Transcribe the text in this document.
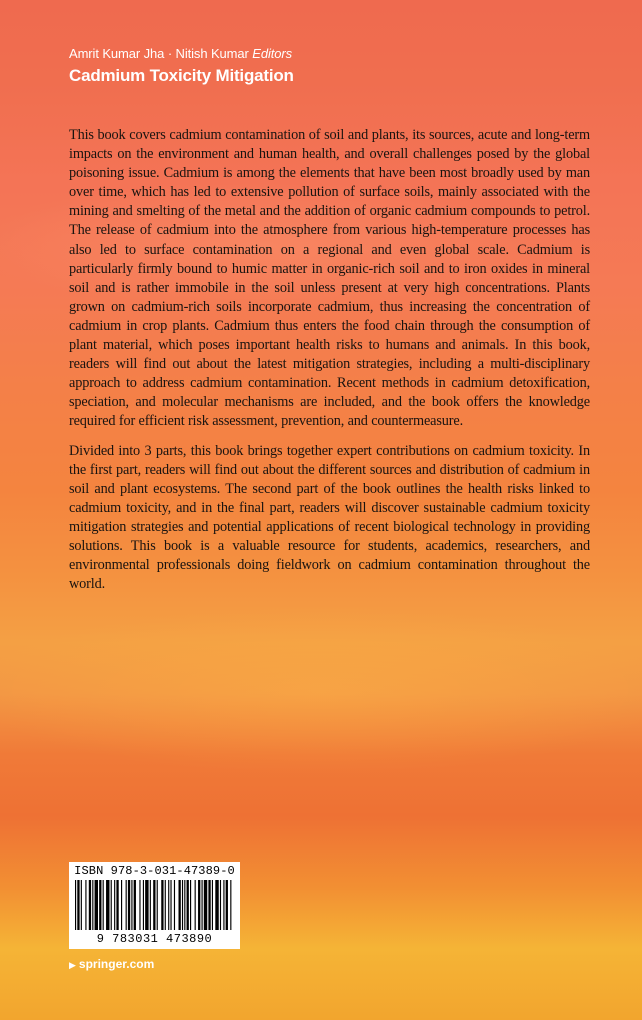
Amrit Kumar Jha · Nitish Kumar Editors
Cadmium Toxicity Mitigation

This book covers cadmium contamination of soil and plants, its sources, acute and long-term impacts on the environment and human health, and overall challenges posed by the global poisoning issue. Cadmium is among the elements that have been most broadly used by man over time, which has led to extensive pollution of surface soils, mainly associated with the mining and smelting of the metal and the addition of organic cadmium compounds to petrol. The release of cadmium into the atmosphere from various high-temperature processes has also led to surface contamination on a regional and even global scale. Cadmium is particularly firmly bound to humic matter in organic-rich soil and to iron oxides in mineral soil and is rather immobile in the soil unless present at very high concentrations. Plants grown on cadmium-rich soils incorporate cadmium, thus increasing the concentration of cadmium in crop plants. Cadmium thus enters the food chain through the consumption of plant material, which poses important health risks to humans and animals. In this book, readers will find out about the latest mitigation strategies, including a multi-disciplinary approach to address cadmium contamination. Recent methods in cadmium detoxification, speciation, and molecular mechanisms are included, and the book offers the knowledge required for efficient risk assessment, prevention, and countermeasure.

Divided into 3 parts, this book brings together expert contributions on cadmium toxicity. In the first part, readers will find out about the different sources and distribution of cadmium in soil and plant ecosystems. The second part of the book outlines the health risks linked to cadmium toxicity, and in the final part, readers will discover sustainable cadmium toxicity mitigation strategies and potential applications of recent biological technology in providing solutions. This book is a valuable resource for students, academics, researchers, and environmental professionals doing fieldwork on cadmium contamination throughout the world.

ISBN 978-3-031-47389-0
9 783031 473890
▶ springer.com
